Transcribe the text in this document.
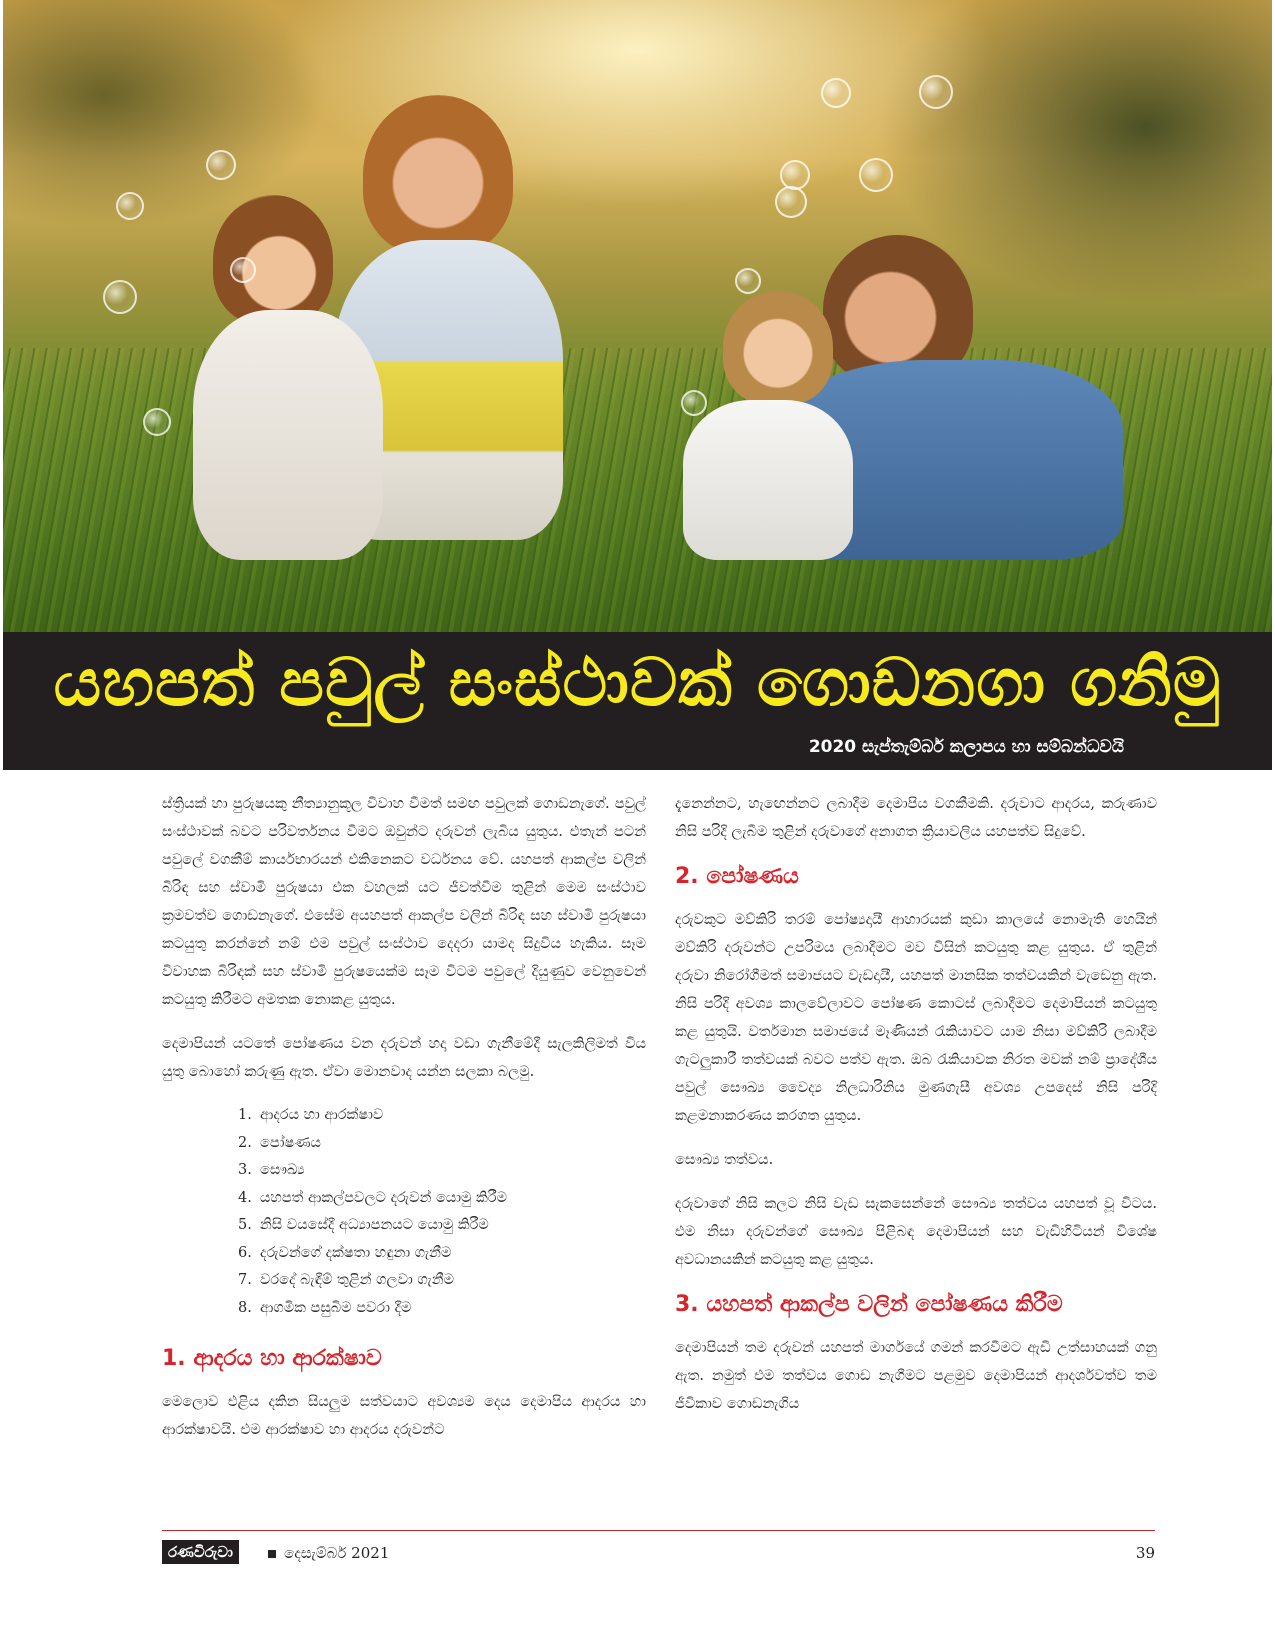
යහපත් පවුල් සංස්ථාවක් ගොඩනගා ගනිමු
2020 සැප්තැම්බර් කලාපය හා සම්බන්ධවයි

ස්ත්‍රියක් හා පුරුෂයකු නීත්‍යානුකූල විවාහ වීමත් සමඟ පවුලක් ගොඩනැගේ. පවුල් සංස්ථාවක් බවට පරිවර්තනය වීමට ඔවුන්ට දරුවන් ලැබිය යුතුය. එතැන් පටන් පවුලේ වගකීම් කාර්යභාරයන් එකිනෙකට වර්ධනය වේ. යහපත් ආකල්ප වලින් බිරිඳ සහ ස්වාමි පුරුෂයා එක වහලක් යට ජීවත්වීම තුළින් මෙම සංස්ථාව ක්‍රමවත්ව ගොඩනැගේ. එසේම අයහපත් ආකල්ප වලින් බිරිඳ සහ ස්වාමි පුරුෂයා කටයුතු කරන්නේ නම් එම පවුල් සංස්ථාව දෙදරා යාමද සිදුවිය හැකිය. සෑම විවාහක බිරිඳක් සහ ස්වාමි පුරුෂයෙක්ම සෑම විටම පවුලේ දියුණුව වෙනුවෙන් කටයුතු කිරීමට අමතක නොකළ යුතුය.

දෙමාපියන් යටතේ පෝෂණය වන දරුවන් හදා වඩා ගැනීමේදී සැලකිලිමත් විය යුතු බොහෝ කරුණු ඇත. ඒවා මොනවාද යන්න සලකා බලමු.

1. ආදරය හා ආරක්ෂාව
2. පෝෂණය
3. සෞඛ්‍ය
4. යහපත් ආකල්පවලට දරුවන් යොමු කිරීම
5. නිසි වයසේදී අධ්‍යාපනයට යොමු කිරීම
6. දරුවන්ගේ දක්ෂතා හඳුනා ගැනීම
7. වරදේ බැඳීම් තුළින් ගලවා ගැනීම
8. ආගමික පසුබිම පවරා දීම
1. ආදරය හා ආරක්ෂාව

මෙලොව එළිය දකින සියලුම සත්වයාට අවශ්‍යම දෙය දෙමාපිය ආදරය හා ආරක්ෂාවයි. එම ආරක්ෂාව හා ආදරය දරුවන්ට

දැනෙන්නට, හැඟෙන්නට ලබාදීම දෙමාපිය වගකීමකි. දරුවාට ආදරය, කරුණාව නිසි පරිදි ලැබීම තුළින් දරුවාගේ අනාගත ක්‍රියාවලිය යහපත්ව සිදුවේ.

2. පෝෂණය

දරුවකුට මව්කිරි තරම් පෝෂ්‍යදායී ආහාරයක් කුඩා කාලයේ නොමැති හෙයින් මව්කිරි දරුවන්ට උපරිමය ලබාදීමට මව විසින් කටයුතු කළ යුතුය. ඒ තුළින් දරුවා නිරෝගීමත් සමාජයට වැඩදායී, යහපත් මානසික තත්වයකින් වැඩෙනු ඇත. නිසි පරිදි අවශ්‍ය කාලවේලාවට පෝෂණ කොටස් ලබාදීමට දෙමාපියන් කටයුතු කළ යුතුයි. වර්තමාන සමාජයේ මෑණියන් රැකියාවට යාම නිසා මව්කිරි ලබාදීම ගැටලුකාරී තත්වයක් බවට පත්ව ඇත. ඔබ රැකියාවක නිරත මවක් නම් ප්‍රාදේශීය පවුල් සෞඛ්‍ය වෛද්‍ය නිලධාරිනිය මුණගැසී අවශ්‍ය උපදෙස් නිසි පරිදි කළමනාකරණය කරගත යුතුය.

සෞඛ්‍ය තත්වය.

දරුවාගේ නිසි කලට නිසි වැඩ සැකසෙන්නේ සෞඛ්‍ය තත්වය යහපත් වූ විටය. එම නිසා දරුවන්ගේ සෞඛ්‍ය පිළිබඳ දෙමාපියන් සහ වැඩිහිටියන් විශේෂ අවධානයකින් කටයුතු කළ යුතුය.

3. යහපත් ආකල්ප වලින් පෝෂණය කිරීම

දෙමාපියන් තම දරුවන් යහපත් මාර්ගයේ ගමන් කරවීමට ඇඩි උත්සාහයක් ගනු ඇත. නමුත් එම තත්වය ගොඩ නැගීමට පළමුව දෙමාපියන් ආදර්ශවත්ව තම ජීවිකාව ගොඩනැගිය

රණවිරුවා	දෙසැම්බර් 2021	39
